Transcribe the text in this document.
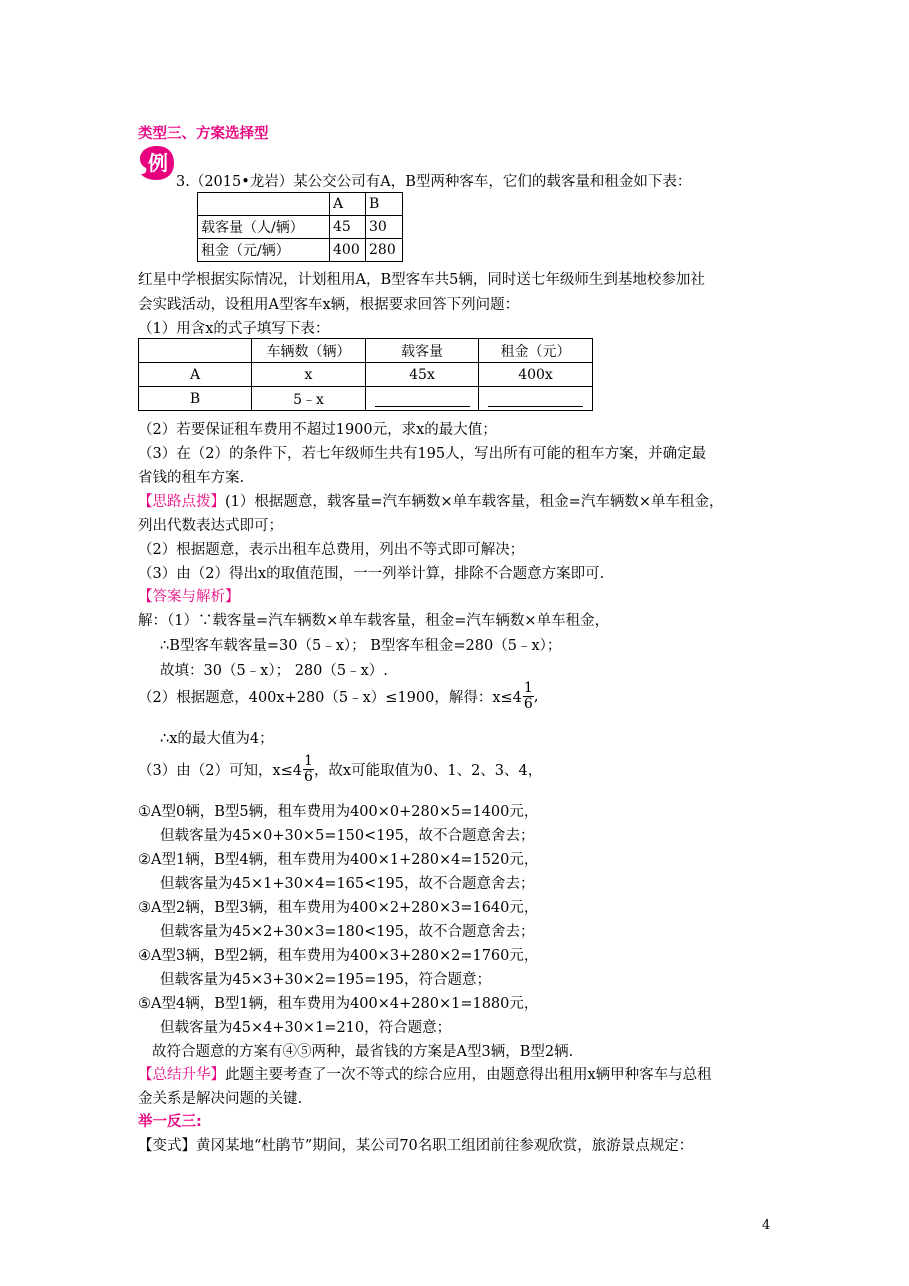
类型三、方案选择型
例
3.（2015•龙岩）某公交公司有A，B型两种客车，它们的载客量和租金如下表：
	A	B
载客量（人/辆）	45	30
租金（元/辆）	400	280
红星中学根据实际情况，计划租用A，B型客车共5辆，同时送七年级师生到基地校参加社
会实践活动，设租用A型客车x辆，根据要求回答下列问题：
（1）用含x的式子填写下表：
	车辆数（辆）	载客量	租金（元）
A	x	45x	400x
B	5﹣x		
（2）若要保证租车费用不超过1900元，求x的最大值；
（3）在（2）的条件下，若七年级师生共有195人，写出所有可能的租车方案，并确定最
省钱的租车方案.
【思路点拨】(1）根据题意，载客量=汽车辆数×单车载客量，租金=汽车辆数×单车租金，
列出代数表达式即可；
（2）根据题意，表示出租车总费用，列出不等式即可解决；
（3）由（2）得出x的取值范围，一一列举计算，排除不合题意方案即可.
【答案与解析】
解：（1）∵载客量=汽车辆数×单车载客量，租金=汽车辆数×单车租金，
∴B型客车载客量=30（5﹣x）； B型客车租金=280（5﹣x）；
故填：30（5﹣x）； 280（5﹣x）.
（2）根据题意，400x+280（5﹣x）≤1900，解得：$x\le 4 \frac{1}{6}$ ,
∴x的最大值为4；
（3）由（2）可知，$x\le 4 \frac{1}{6}$ ，故x可能取值为0、1、2、3、4，
①A型0辆，B型5辆，租车费用为400×0+280×5=1400元，
但载客量为45×0+30×5=150<195，故不合题意舍去；
②A型1辆，B型4辆，租车费用为400×1+280×4=1520元，
但载客量为45×1+30×4=165<195，故不合题意舍去；
③A型2辆，B型3辆，租车费用为400×2+280×3=1640元，
但载客量为45×2+30×3=180<195，故不合题意舍去；
④A型3辆，B型2辆，租车费用为400×3+280×2=1760元，
但载客量为45×3+30×2=195=195，符合题意；
⑤A型4辆，B型1辆，租车费用为400×4+280×1=1880元，
但载客量为45×4+30×1=210，符合题意；
故符合题意的方案有④⑤两种，最省钱的方案是A型3辆，B型2辆.
【总结升华】此题主要考查了一次不等式的综合应用，由题意得出租用x辆甲种客车与总租
金关系是解决问题的关键.
举一反三:
【变式】黄冈某地“杜鹃节”期间，某公司70名职工组团前往参观欣赏，旅游景点规定：
4
